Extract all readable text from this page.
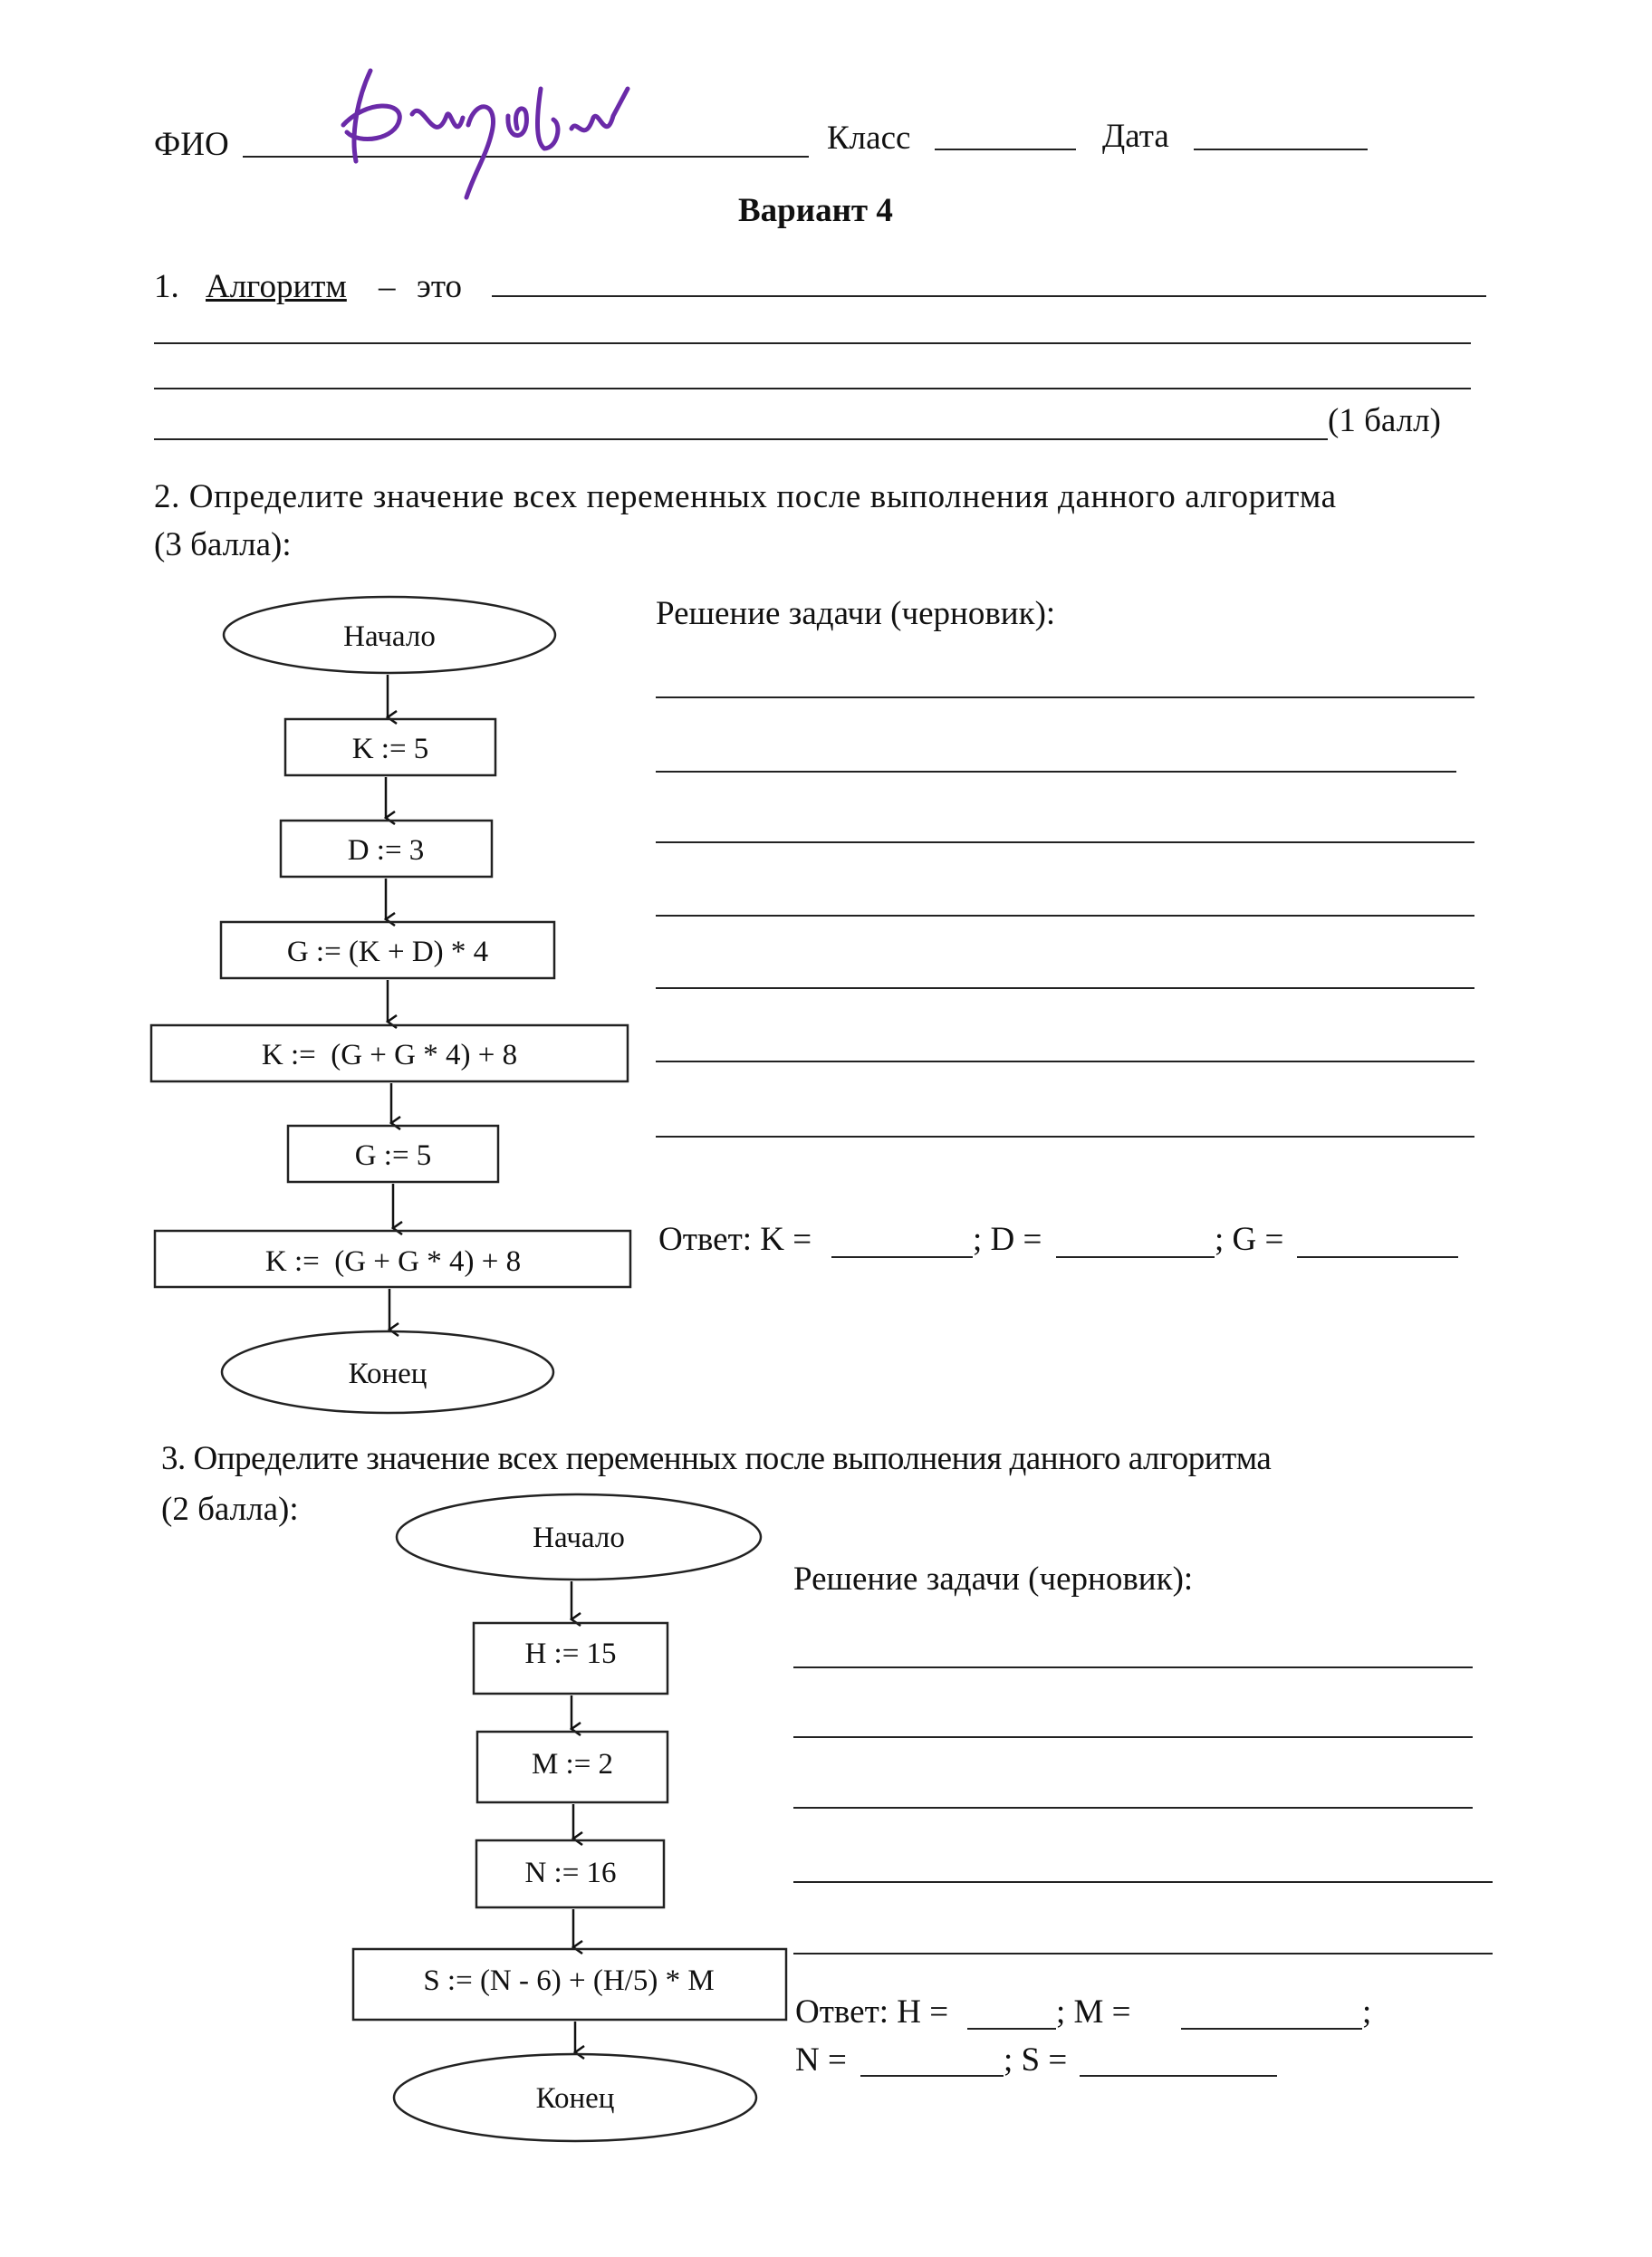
ФИО	Класс	Дата
Вариант 4
1. Алгоритм – это
(1 балл)
2. Определите значение всех переменных после выполнения данного алгоритма
(3 балла):
Решение задачи (черновик):
Ответ: K =	; D =	; G =
3. Определите значение всех переменных после выполнения данного алгоритма
(2 балла):
Решение задачи (черновик):
Ответ: H =	; M =	;
N =	; S =
Начало
K := 5
D := 3
G := (K + D) * 4
K :=  (G + G * 4) + 8
G := 5
K :=  (G + G * 4) + 8
Конец
Начало
H := 15
M := 2
N := 16
S := (N - 6) + (H/5) * M
Конец
